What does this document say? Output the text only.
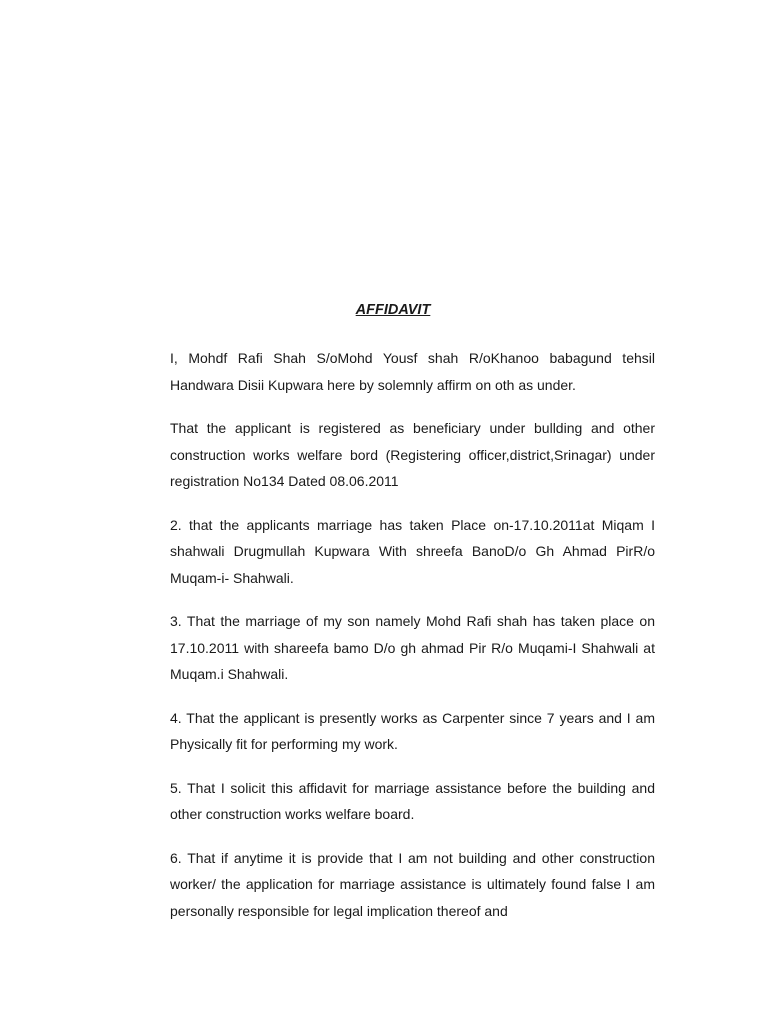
AFFIDAVIT

I, Mohdf Rafi Shah S/oMohd Yousf shah R/oKhanoo babagund tehsil Handwara Disii Kupwara here by solemnly affirm on oth as under.

That the applicant is registered as beneficiary under bullding and other construction works welfare bord (Registering officer,district,Srinagar) under registration No134 Dated 08.06.2011

2. that the applicants marriage has taken Place on-17.10.2011at Miqam I shahwali Drugmullah Kupwara With shreefa BanoD/o Gh Ahmad PirR/o Muqam-i- Shahwali.

3. That the marriage of my son namely Mohd Rafi shah has taken place on 17.10.2011 with shareefa bamo D/o gh ahmad Pir R/o Muqami-I Shahwali at Muqam.i Shahwali.

4. That the applicant is presently works as Carpenter since 7 years and I am Physically fit for performing my work.

5. That I solicit this affidavit for marriage assistance before the building and other construction works welfare board.

6. That if anytime it is provide that I am not building and other construction worker/ the application for marriage assistance is ultimately found false I am personally responsible for legal implication thereof and
